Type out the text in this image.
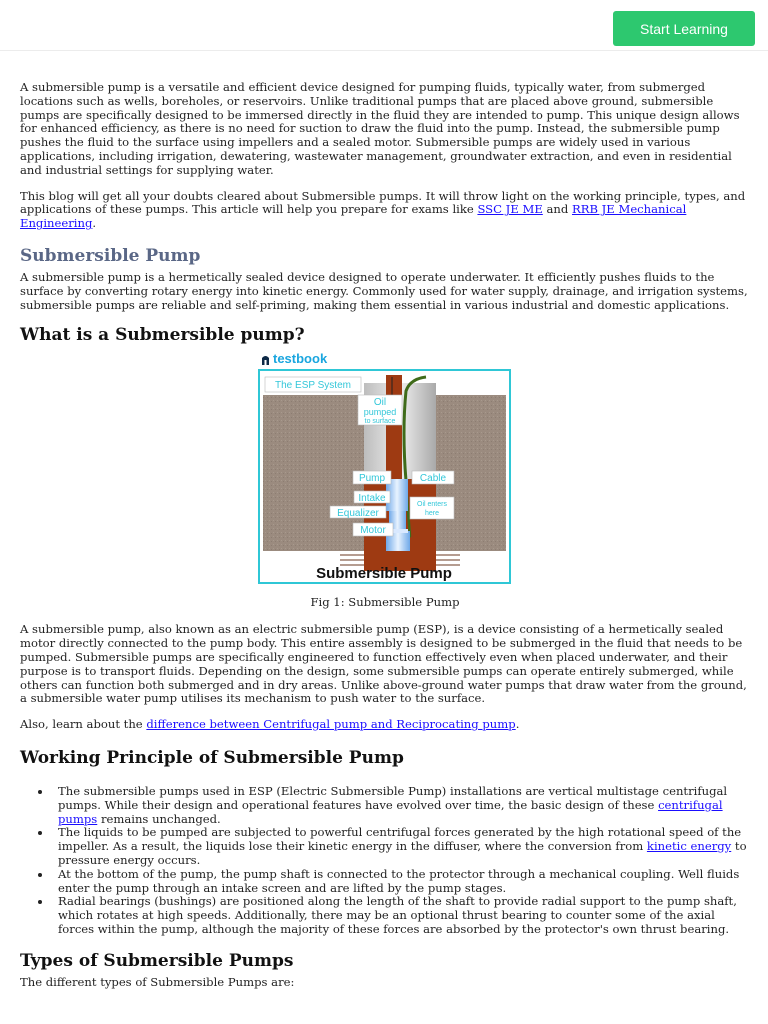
Start Learning

A submersible pump is a versatile and efficient device designed for pumping fluids, typically water, from submerged locations such as wells, boreholes, or reservoirs. Unlike traditional pumps that are placed above ground, submersible pumps are specifically designed to be immersed directly in the fluid they are intended to pump. This unique design allows for enhanced efficiency, as there is no need for suction to draw the fluid into the pump. Instead, the submersible pump pushes the fluid to the surface using impellers and a sealed motor. Submersible pumps are widely used in various applications, including irrigation, dewatering, wastewater management, groundwater extraction, and even in residential and industrial settings for supplying water.

This blog will get all your doubts cleared about Submersible pumps. It will throw light on the working principle, types, and applications of these pumps. This article will help you prepare for exams like SSC JE ME and RRB JE Mechanical Engineering.

Submersible Pump

A submersible pump is a hermetically sealed device designed to operate underwater. It efficiently pushes fluids to the surface by converting rotary energy into kinetic energy. Commonly used for water supply, drainage, and irrigation systems, submersible pumps are reliable and self-priming, making them essential in various industrial and domestic applications.

What is a Submersible pump?
testbook
The ESP System
Oil
pumped
to surface
Pump	Cable
Intake
Equalizer
Oil enters
here
Motor
Submersible Pump

Fig 1: Submersible Pump

A submersible pump, also known as an electric submersible pump (ESP), is a device consisting of a hermetically sealed motor directly connected to the pump body. This entire assembly is designed to be submerged in the fluid that needs to be pumped. Submersible pumps are specifically engineered to function effectively even when placed underwater, and their purpose is to transport fluids. Depending on the design, some submersible pumps can operate entirely submerged, while others can function both submerged and in dry areas. Unlike above-ground water pumps that draw water from the ground, a submersible water pump utilises its mechanism to push water to the surface.

Also, learn about the difference between Centrifugal pump and Reciprocating pump.

Working Principle of Submersible Pump
The submersible pumps used in ESP (Electric Submersible Pump) installations are vertical multistage centrifugal pumps. While their design and operational features have evolved over time, the basic design of these centrifugal pumps remains unchanged.
The liquids to be pumped are subjected to powerful centrifugal forces generated by the high rotational speed of the impeller. As a result, the liquids lose their kinetic energy in the diffuser, where the conversion from kinetic energy to pressure energy occurs.
At the bottom of the pump, the pump shaft is connected to the protector through a mechanical coupling. Well fluids enter the pump through an intake screen and are lifted by the pump stages.
Radial bearings (bushings) are positioned along the length of the shaft to provide radial support to the pump shaft, which rotates at high speeds. Additionally, there may be an optional thrust bearing to counter some of the axial forces within the pump, although the majority of these forces are absorbed by the protector's own thrust bearing.
Types of Submersible Pumps

The different types of Submersible Pumps are:
